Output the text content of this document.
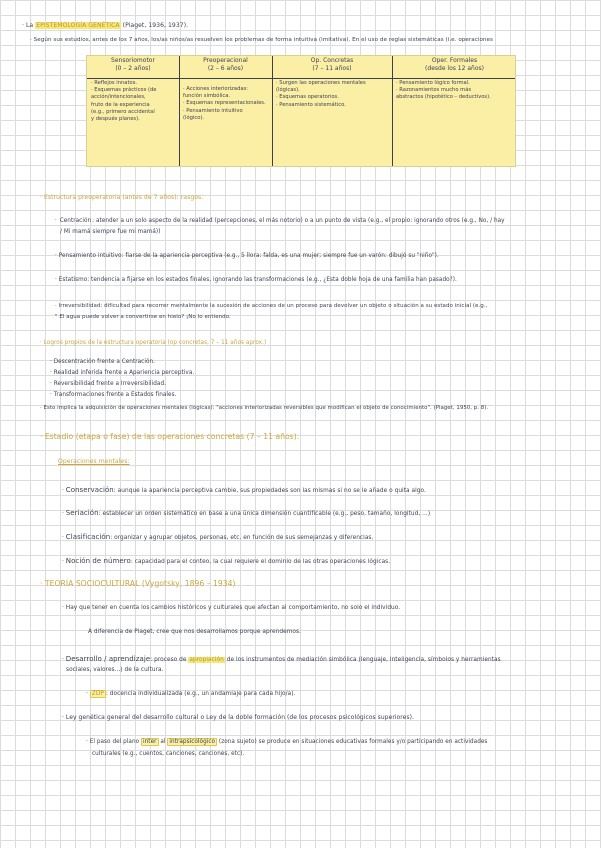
· La EPISTEMOLOGÍA GENÉTICA (Piaget, 1936, 1937).
· Según sus estudios, antes de los 7 años, los/as niños/as resuelven los problemas de forma intuitiva (imitativa). En el uso de reglas sistemáticas (i.e. operaciones
Sensoriomotor
(0 – 2 años)
Preoperacional
(2 – 6 años)
Op. Concretas
(7 – 11 años)
Oper. Formales
(desde los 12 años)
· Reflejos innatos.
· Esquemas prácticos (de
acción/intencionales,
fruto de la experiencia
(e.g., primero accidental
y después planes).
· Acciones interiorizadas:
función simbólica.
· Esquemas representacionales.
· Pensamiento intuitivo
(lógico).
· Surgen las operaciones mentales
(lógicas).
· Esquemas operatorios.
· Pensamiento sistemático.
· Pensamiento lógico formal.
· Razonamientos mucho más
abstractos (hipotético – deductivos).
· Estructura preoperatoria (antes de 7 años): rasgos.
· Centración: atender a un solo aspecto de la realidad (percepciones, el más notorio) o a un punto de vista (e.g., el propio: ignorando otros (e.g., No, / hay
/ Mi mamá siempre fue mi mamá))
· Pensamiento intuitivo: fiarse de la apariencia perceptiva (e.g., 5 llora: falda, es una mujer; siempre fue un varón: dibujó su "niño").
· Estatismo: tendencia a fijarse en los estados finales, ignorando las transformaciones (e.g., ¿Esta doble hoja de una familia han pasado?).
· Irreversibilidad: dificultad para recorrer mentalmente la sucesión de acciones de un proceso para devolver un objeto o situación a su estado inicial (e.g.,
" El agua puede volver a convertirse en hielo? ¡No lo entiendo.
· Logros propios de la estructura operatoria (op concretas, 7 – 11 años aprox.)
· Descentración frente a Centración.
· Realidad inferida frente a Apariencia perceptiva.
· Reversibilidad frente a Irreversibilidad.
· Transformaciones frente a Estados finales.
· Esto implica la adquisición de operaciones mentales (lógicas): "acciones interiorizadas reversibles que modifican el objeto de conocimiento". (Piaget, 1950, p. 8).
· Estadio (etapa o fase) de las operaciones concretas (7 – 11 años).
Operaciones mentales:
· Conservación: aunque la apariencia perceptiva cambie, sus propiedades son las mismas si no se le añade o quita algo.
· Seriación: establecer un orden sistemático en base a una única dimensión cuantificable (e.g., peso, tamaño, longitud, ...)
· Clasificación: organizar y agrupar objetos, personas, etc. en función de sus semejanzas y diferencias.
· Noción de número: capacidad para el conteo, la cual requiere el dominio de las otras operaciones lógicas.
· TEORÍA SOCIOCULTURAL (Vygotsky, 1896 – 1934)
· Hay que tener en cuenta los cambios históricos y culturales que afectan al comportamiento, no solo el individuo.
A diferencia de Piaget, cree que nos desarrollamos porque aprendemos.
· Desarrollo / aprendizaje: proceso de apropiación de los instrumentos de mediación simbólica (lenguaje, inteligencia, símbolos y herramientas
sociales, valores...) de la cultura.
· ZDP : docencia individualizada (e.g., un andamiaje para cada hijo/a).
· Ley genética general del desarrollo cultural o Ley de la doble formación (de los procesos psicológicos superiores).
· El paso del plano inter al intrapsicológico (zona sujeto) se produce en situaciones educativas formales y/o participando en actividades
culturales (e.g., cuentos, canciones, canciones, etc).
